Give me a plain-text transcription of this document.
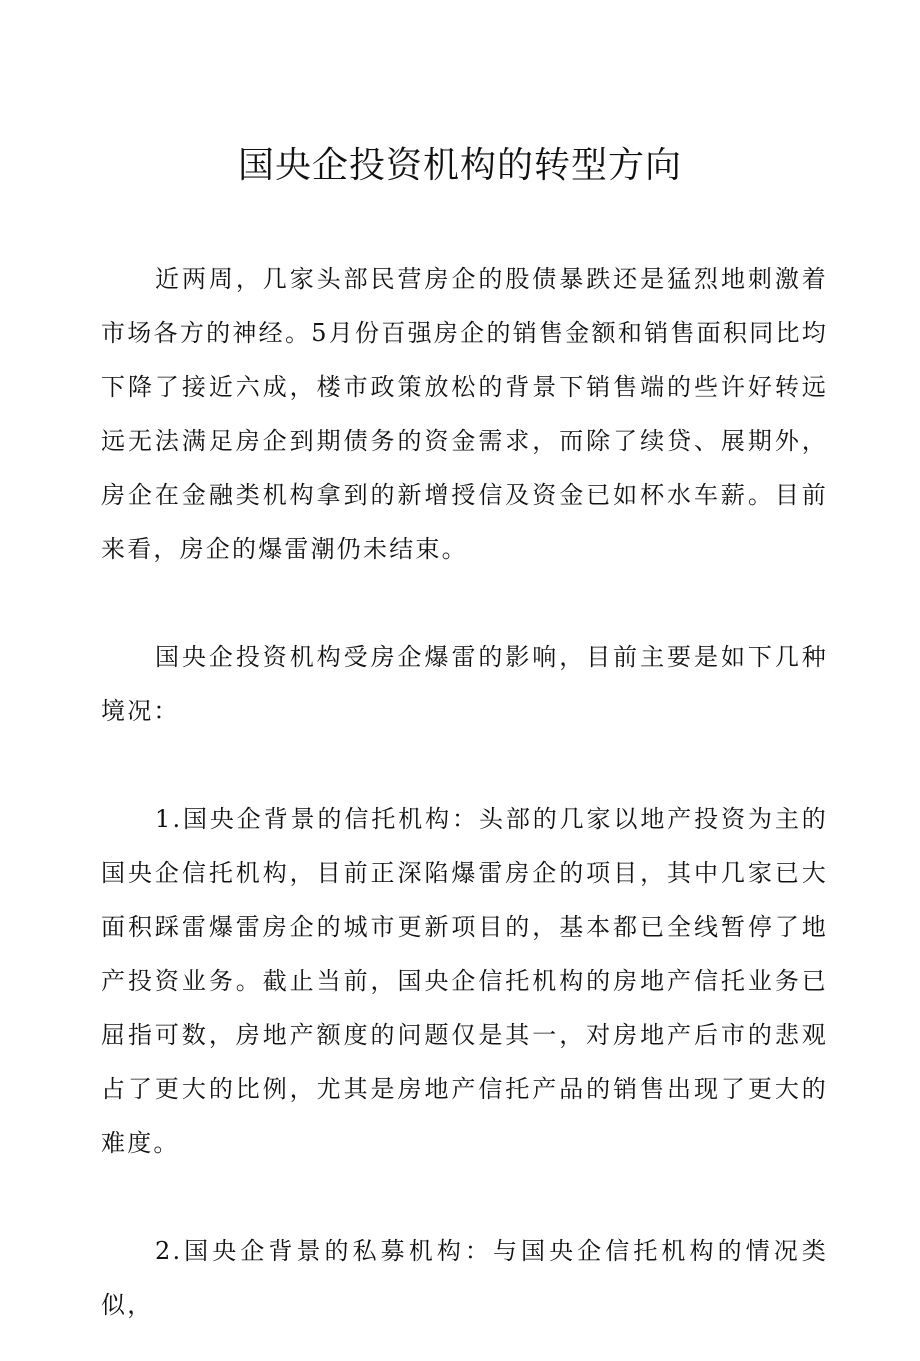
国央企投资机构的转型方向

近两周，几家头部民营房企的股债暴跌还是猛烈地刺激着市场各方的神经。5月份百强房企的销售金额和销售面积同比均下降了接近六成，楼市政策放松的背景下销售端的些许好转远远无法满足房企到期债务的资金需求，而除了续贷、展期外，房企在金融类机构拿到的新增授信及资金已如杯水车薪。目前来看，房企的爆雷潮仍未结束。

国央企投资机构受房企爆雷的影响，目前主要是如下几种境况：

1.国央企背景的信托机构：头部的几家以地产投资为主的国央企信托机构，目前正深陷爆雷房企的项目，其中几家已大面积踩雷爆雷房企的城市更新项目的，基本都已全线暂停了地产投资业务。截止当前，国央企信托机构的房地产信托业务已屈指可数，房地产额度的问题仅是其一，对房地产后市的悲观占了更大的比例，尤其是房地产信托产品的销售出现了更大的难度。

2.国央企背景的私募机构：与国央企信托机构的情况类似，
